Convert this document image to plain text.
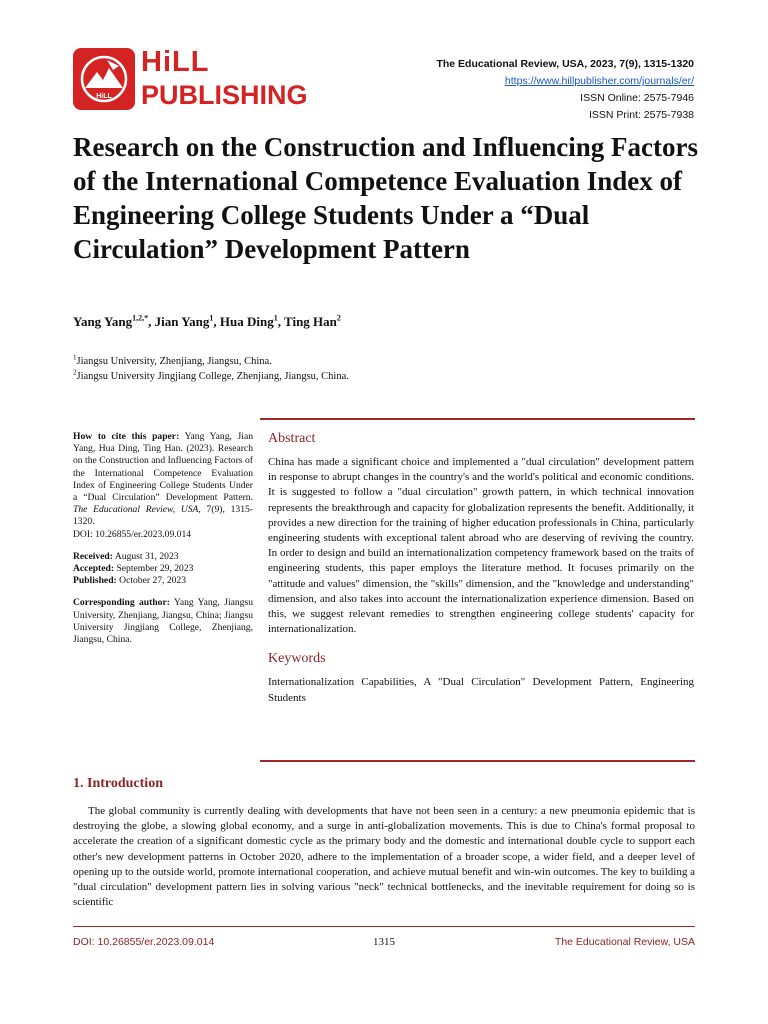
HiLL
HiLL
PUBLISHING
The Educational Review, USA, 2023, 7(9), 1315-1320
https://www.hillpublisher.com/journals/er/
ISSN Online: 2575-7946
ISSN Print: 2575-7938
Research on the Construction and Influencing Factors of the International Competence Evaluation Index of Engineering College Students Under a “Dual Circulation” Development Pattern
Yang Yang$^{1,2,*}$, Jian Yang$^1$, Hua Ding$^1$, Ting Han$^2$
$^1$Jiangsu University, Zhenjiang, Jiangsu, China.
$^2$Jiangsu University Jingjiang College, Zhenjiang, Jiangsu, China.

How to cite this paper: Yang Yang, Jian Yang, Hua Ding, Ting Han. (2023). Research on the Construction and Influencing Factors of the International Competence Evaluation Index of Engineering College Students Under a “Dual Circulation” Development Pattern. The Educational Review, USA, 7(9), 1315-1320.
DOI: 10.26855/er.2023.09.014

Received: August 31, 2023
Accepted: September 29, 2023
Published: October 27, 2023

Corresponding author: Yang Yang, Jiangsu University, Zhenjiang, Jiangsu, China; Jiangsu University Jingjiang College, Zhenjiang, Jiangsu, China.

Abstract

China has made a significant choice and implemented a "dual circulation" development pattern in response to abrupt changes in the country's and the world's political and economic conditions. It is suggested to follow a "dual circulation" growth pattern, in which technical innovation represents the breakthrough and capacity for globalization represents the benefit. Additionally, it provides a new direction for the training of higher education professionals in China, particularly engineering students with exceptional talent abroad who are deserving of reviving the country. In order to design and build an internationalization competency framework based on the traits of engineering students, this paper employs the literature method. It focuses primarily on the "attitude and values" dimension, the "skills" dimension, and the "knowledge and understanding" dimension, and also takes into account the internationalization experience dimension. Based on this, we suggest relevant remedies to strengthen engineering college students' capacity for internationalization.

Keywords

Internationalization Capabilities, A "Dual Circulation" Development Pattern, Engineering Students

1. Introduction

The global community is currently dealing with developments that have not been seen in a century: a new pneumonia epidemic that is destroying the globe, a slowing global economy, and a surge in anti-globalization movements. This is due to China's formal proposal to accelerate the creation of a significant domestic cycle as the primary body and the domestic and international double cycle to support each other's new development patterns in October 2020, adhere to the implementation of a broader scope, a wider field, and a deeper level of opening up to the outside world, promote international cooperation, and achieve mutual benefit and win-win outcomes. The key to building a "dual circulation" development pattern lies in solving various "neck" technical bottlenecks, and the inevitable requirement for doing so is scientific

DOI: 10.26855/er.2023.09.014	1315	The Educational Review, USA
